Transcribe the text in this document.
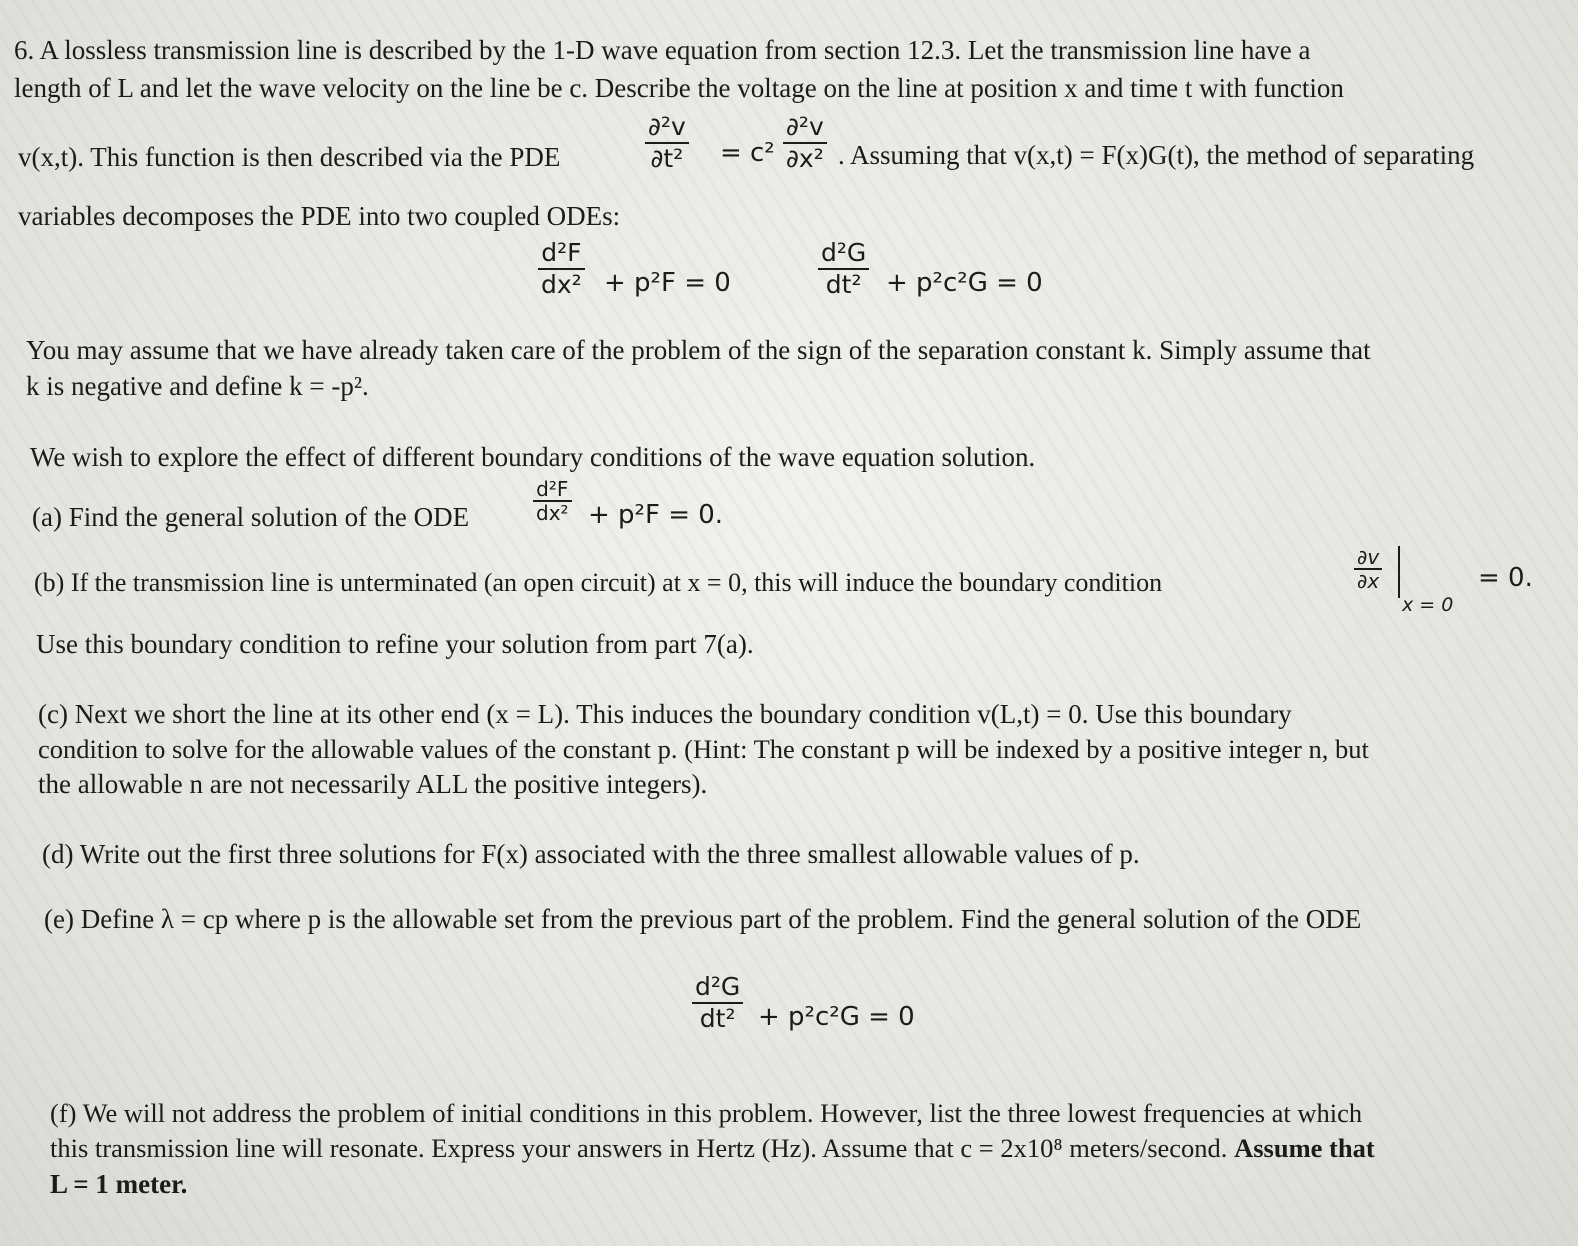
6. A lossless transmission line is described by the 1-D wave equation from section 12.3. Let the transmission line have a
length of L and let the wave velocity on the line be c. Describe the voltage on the line at position x and time t with function
v(x,t). This function is then described via the PDE
∂²v
∂t² = c²
∂²v
∂x² . Assuming that v(x,t) = F(x)G(t), the method of separating
variables decomposes the PDE into two coupled ODEs:
d²F
dx² + p²F = 0
d²G
dt² + p²c²G = 0
You may assume that we have already taken care of the problem of the sign of the separation constant k. Simply assume that
k is negative and define k = -p².
We wish to explore the effect of different boundary conditions of the wave equation solution.
(a) Find the general solution of the ODE
d²F
dx² + p²F = 0.
(b) If the transmission line is unterminated (an open circuit) at x = 0, this will induce the boundary condition
∂v
∂x
x = 0
= 0.
Use this boundary condition to refine your solution from part 7(a).
(c) Next we short the line at its other end (x = L). This induces the boundary condition v(L,t) = 0. Use this boundary
condition to solve for the allowable values of the constant p. (Hint: The constant p will be indexed by a positive integer n, but
the allowable n are not necessarily ALL the positive integers).
(d) Write out the first three solutions for F(x) associated with the three smallest allowable values of p.
(e) Define λ = cp where p is the allowable set from the previous part of the problem. Find the general solution of the ODE
d²G
dt² + p²c²G = 0
(f) We will not address the problem of initial conditions in this problem. However, list the three lowest frequencies at which
this transmission line will resonate. Express your answers in Hertz (Hz). Assume that c = 2x10⁸ meters/second. Assume that
L = 1 meter.
